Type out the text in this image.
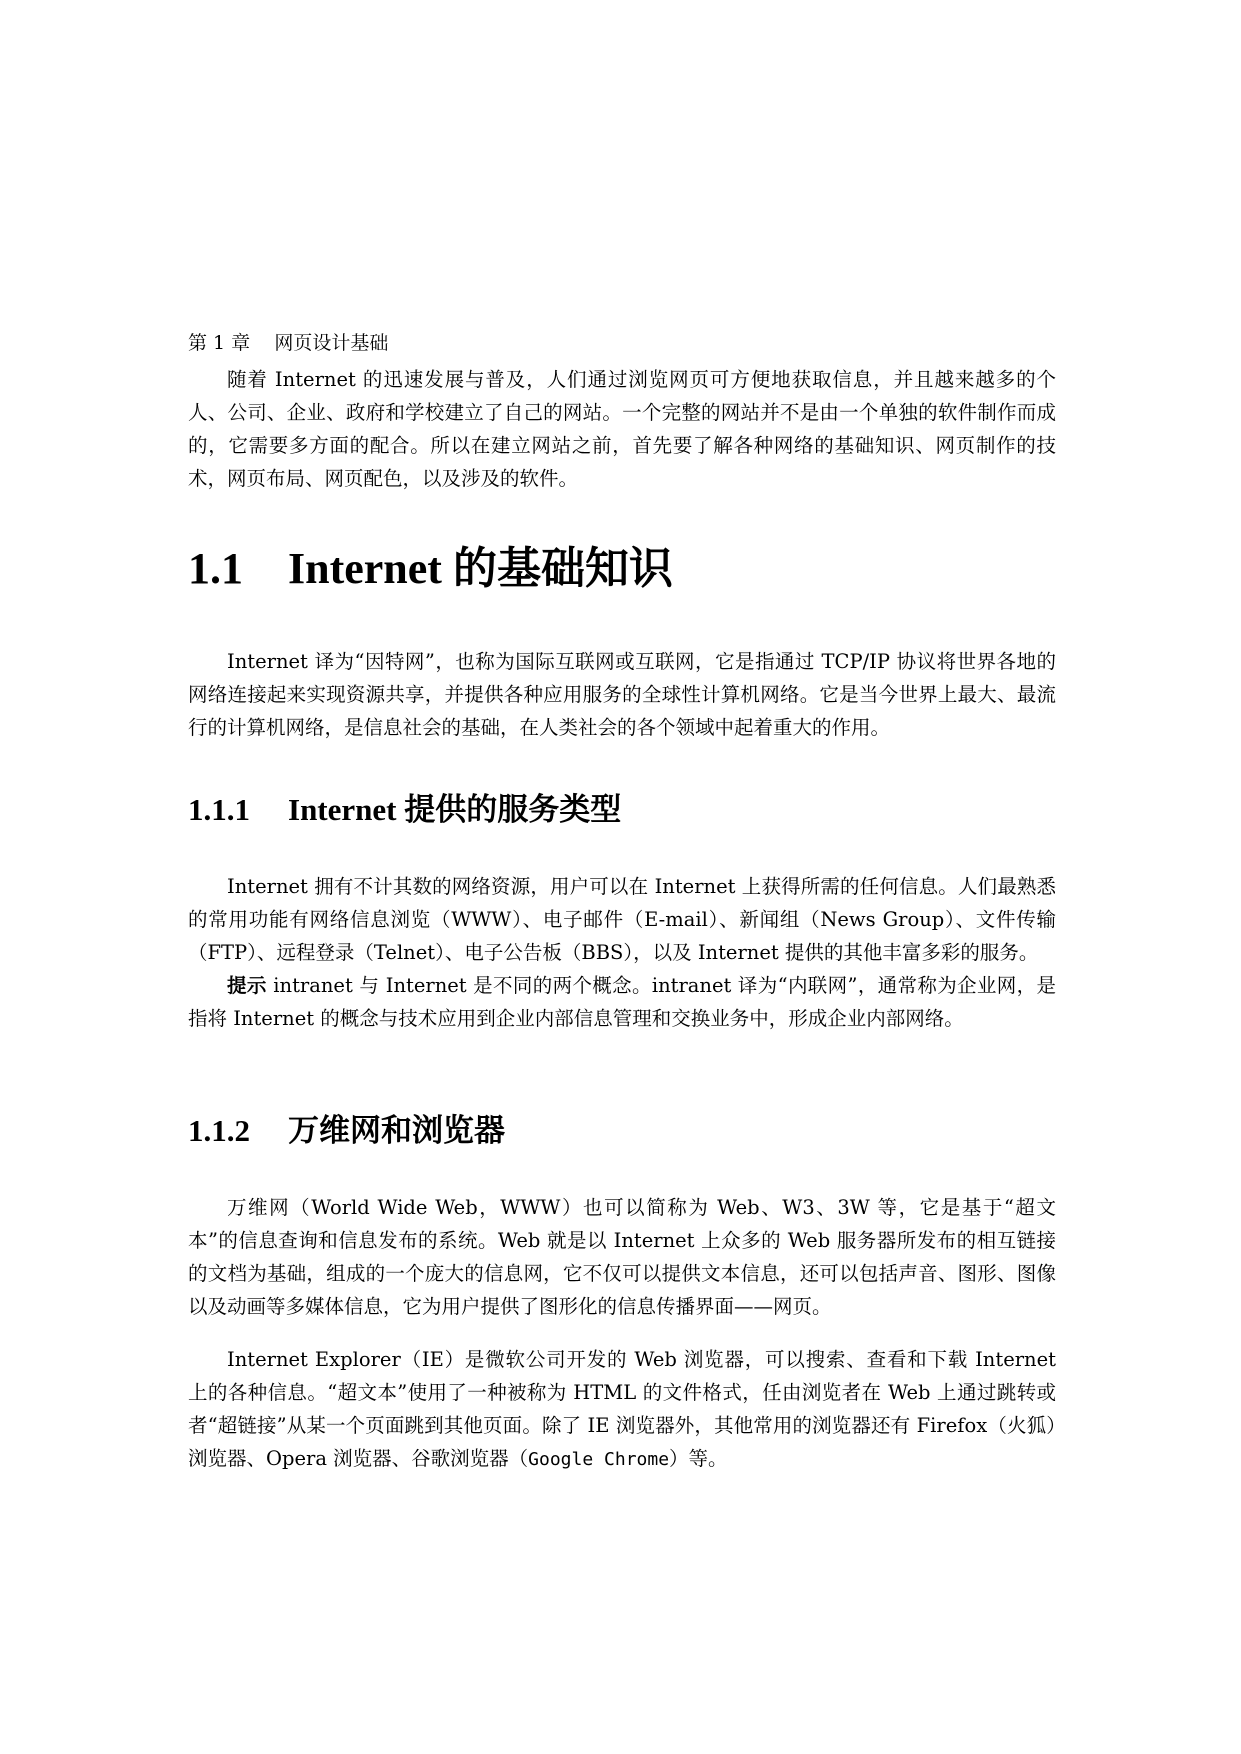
第 1 章    网页设计基础

随着 Internet 的迅速发展与普及，人们通过浏览网页可方便地获取信息，并且越来越多的个人、公司、企业、政府和学校建立了自己的网站。一个完整的网站并不是由一个单独的软件制作而成的，它需要多方面的配合。所以在建立网站之前，首先要了解各种网络的基础知识、网页制作的技术，网页布局、网页配色，以及涉及的软件。

1.1 Internet 的基础知识

Internet 译为“因特网”，也称为国际互联网或互联网，它是指通过 TCP/IP 协议将世界各地的网络连接起来实现资源共享，并提供各种应用服务的全球性计算机网络。它是当今世界上最大、最流行的计算机网络，是信息社会的基础，在人类社会的各个领域中起着重大的作用。

1.1.1 Internet 提供的服务类型

Internet 拥有不计其数的网络资源，用户可以在 Internet 上获得所需的任何信息。人们最熟悉的常用功能有网络信息浏览（WWW）、电子邮件（E-mail）、新闻组（News Group）、文件传输（FTP）、远程登录（Telnet）、电子公告板（BBS），以及 Internet 提供的其他丰富多彩的服务。

提示 intranet 与 Internet 是不同的两个概念。intranet 译为“内联网”，通常称为企业网，是指将 Internet 的概念与技术应用到企业内部信息管理和交换业务中，形成企业内部网络。

1.1.2 万维网和浏览器

万维网（World Wide Web，WWW）也可以简称为 Web、W3、3W 等，它是基于“超文本”的信息查询和信息发布的系统。Web 就是以 Internet 上众多的 Web 服务器所发布的相互链接的文档为基础，组成的一个庞大的信息网，它不仅可以提供文本信息，还可以包括声音、图形、图像以及动画等多媒体信息，它为用户提供了图形化的信息传播界面——网页。

Internet Explorer（IE）是微软公司开发的 Web 浏览器，可以搜索、查看和下载 Internet 上的各种信息。“超文本”使用了一种被称为 HTML 的文件格式，任由浏览者在 Web 上通过跳转或者“超链接”从某一个页面跳到其他页面。除了 IE 浏览器外，其他常用的浏览器还有 Firefox（火狐）浏览器、Opera 浏览器、谷歌浏览器（Google Chrome）等。
